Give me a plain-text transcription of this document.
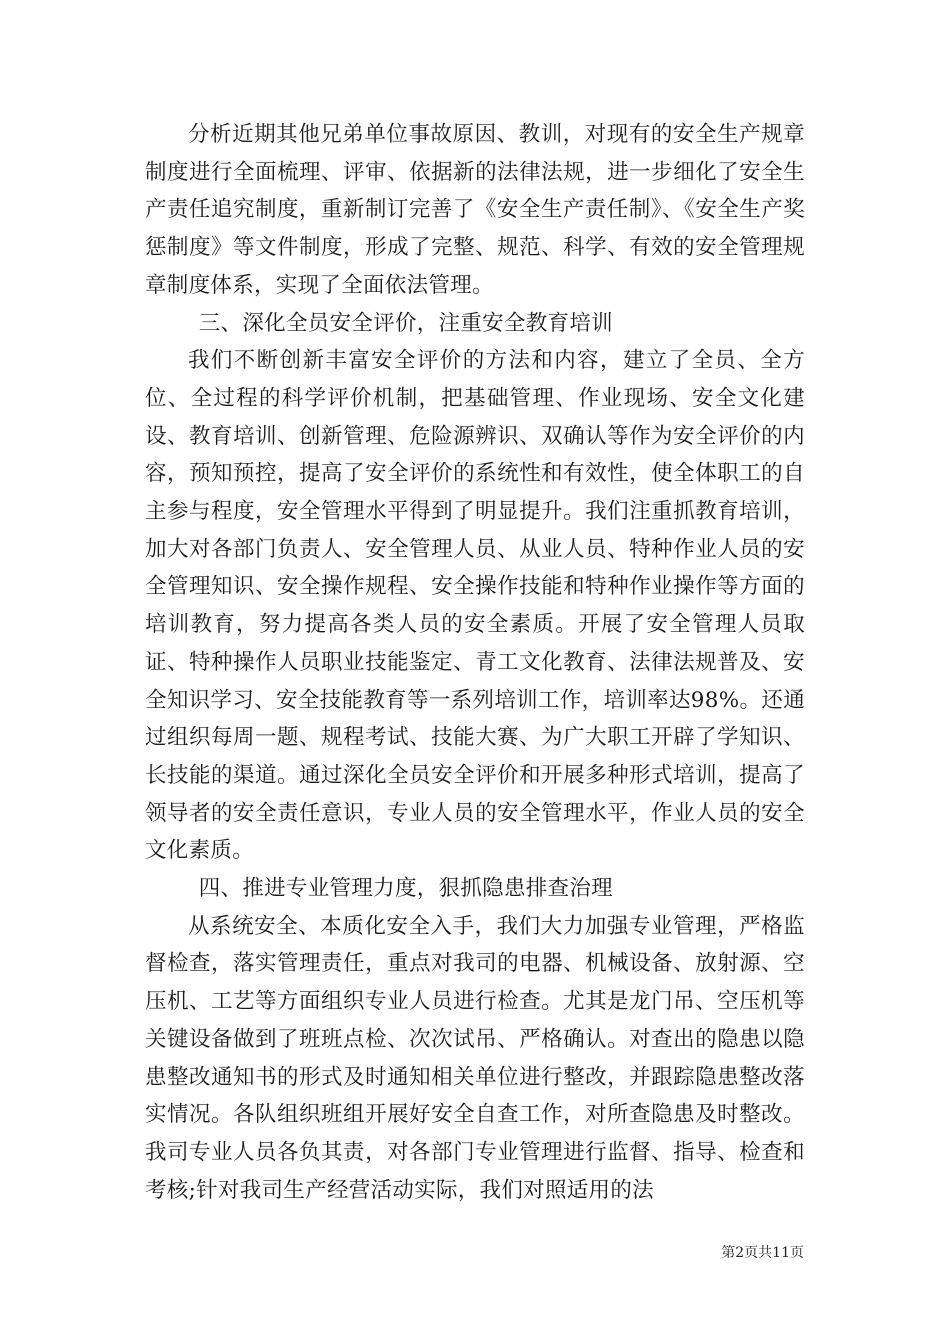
分析近期其他兄弟单位事故原因、教训，对现有的安全生产规章制度进行全面梳理、评审、依据新的法律法规，进一步细化了安全生产责任追究制度，重新制订完善了《安全生产责任制》、《安全生产奖惩制度》等文件制度，形成了完整、规范、科学、有效的安全管理规章制度体系，实现了全面依法管理。

三、深化全员安全评价，注重安全教育培训

我们不断创新丰富安全评价的方法和内容，建立了全员、全方位、全过程的科学评价机制，把基础管理、作业现场、安全文化建设、教育培训、创新管理、危险源辨识、双确认等作为安全评价的内容，预知预控，提高了安全评价的系统性和有效性，使全体职工的自主参与程度，安全管理水平得到了明显提升。我们注重抓教育培训，加大对各部门负责人、安全管理人员、从业人员、特种作业人员的安全管理知识、安全操作规程、安全操作技能和特种作业操作等方面的培训教育，努力提高各类人员的安全素质。开展了安全管理人员取证、特种操作人员职业技能鉴定、青工文化教育、法律法规普及、安全知识学习、安全技能教育等一系列培训工作，培训率达98%。还通过组织每周一题、规程考试、技能大赛、为广大职工开辟了学知识、长技能的渠道。通过深化全员安全评价和开展多种形式培训，提高了领导者的安全责任意识，专业人员的安全管理水平，作业人员的安全文化素质。

四、推进专业管理力度，狠抓隐患排查治理

从系统安全、本质化安全入手，我们大力加强专业管理，严格监督检查，落实管理责任，重点对我司的电器、机械设备、放射源、空压机、工艺等方面组织专业人员进行检查。尤其是龙门吊、空压机等关键设备做到了班班点检、次次试吊、严格确认。对查出的隐患以隐患整改通知书的形式及时通知相关单位进行整改，并跟踪隐患整改落实情况。各队组织班组开展好安全自查工作，对所查隐患及时整改。我司专业人员各负其责，对各部门专业管理进行监督、指导、检查和考核;针对我司生产经营活动实际，我们对照适用的法

第2页共11页
